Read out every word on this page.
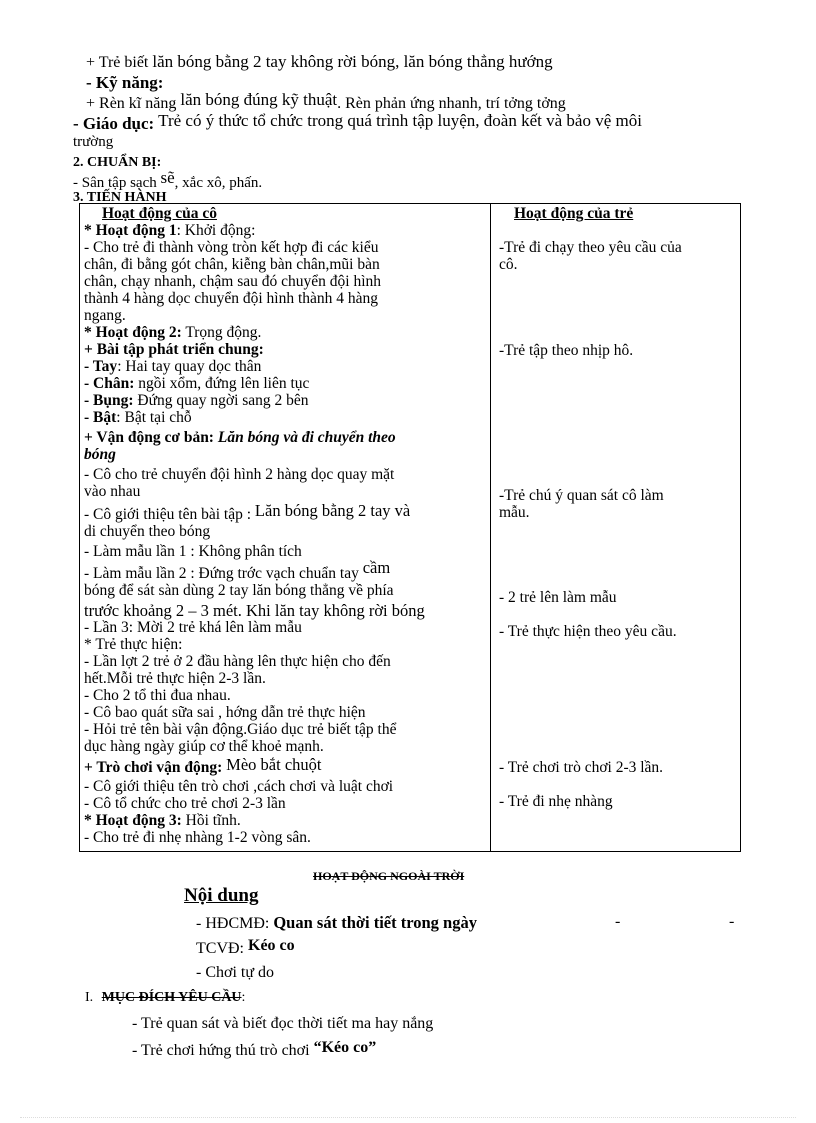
+ Trẻ biết lăn bóng bằng 2 tay không rời bóng, lăn bóng thẳng hướng
- Kỹ năng:
+ Rèn kĩ năng lăn bóng đúng kỹ thuật. Rèn phản ứng nhanh, trí tởng tởng
- Giáo dục: Trẻ có ý thức tổ chức trong quá trình tập luyện, đoàn kết và bảo vệ môi
trường
2. CHUẨN BỊ:
- Sân tập sạch sẽ, xắc xô, phấn.
3. TIẾN HÀNH
Hoạt động của cô
* Hoạt động 1: Khởi động:
- Cho trẻ đi thành vòng tròn kết hợp đi các kiểu
chân, đi bằng gót chân, kiễng bàn chân,mũi bàn
chân, chạy nhanh, chậm sau đó chuyển đội hình
thành 4 hàng dọc chuyển đội hình thành 4 hàng
ngang.
* Hoạt động 2: Trọng động.
+ Bài tập phát triển chung:
- Tay: Hai tay quay dọc thân
- Chân: ngồi xổm, đứng lên liên tục
- Bụng: Đứng quay ngời sang 2 bên
- Bật: Bật tại chỗ
+ Vận động cơ bản: Lăn bóng và đi chuyển theo
bóng
- Cô cho trẻ chuyển đội hình 2 hàng dọc quay mặt
vào nhau
- Cô giới thiệu tên bài tập : Lăn bóng bằng 2 tay và
di chuyển theo bóng
- Làm mẫu lần 1 : Không phân tích
- Làm mẫu lần 2 : Đứng trớc vạch chuẩn tay cầm
bóng để sát sàn dùng 2 tay lăn bóng thẳng về phía
trước khoảng 2 – 3 mét. Khi lăn tay không rời bóng
- Lần 3: Mời 2 trẻ khá lên làm mẫu
* Trẻ thực hiện:
- Lần lợt 2 trẻ ở 2 đầu hàng lên thực hiện cho đến
hết.Mỗi trẻ thực hiện 2-3 lần.
- Cho 2 tổ thi đua nhau.
- Cô bao quát sữa sai , hớng dẫn trẻ thực hiện
- Hỏi trẻ tên bài vận động.Giáo dục trẻ biết tập thể
dục hàng ngày giúp cơ thể khoẻ mạnh.
+ Trò chơi vận động: Mèo bắt chuột
- Cô giới thiệu tên trò chơi ,cách chơi và luật chơi
- Cô tổ chức cho trẻ chơi 2-3 lần
* Hoạt động 3: Hồi tĩnh.
- Cho trẻ đi nhẹ nhàng 1-2 vòng sân.

Hoạt động của trẻ
-Trẻ đi chạy theo yêu cầu của
cô.
-Trẻ tập theo nhịp hô.
-Trẻ chú ý quan sát cô làm
mẫu.
- 2 trẻ lên làm mẫu
- Trẻ thực hiện theo yêu cầu.
- Trẻ chơi trò chơi 2-3 lần.
- Trẻ đi nhẹ nhàng
HOẠT ĐỘNG NGOÀI TRỜI
Nội dung
- HĐCMĐ: Quan sát thời tiết trong ngày	-	-
TCVĐ: Kéo co
- Chơi tự do
I. MỤC ĐÍCH YÊU CẦU:
- Trẻ quan sát và biết đọc thời tiết ma hay nắng
- Trẻ chơi hứng thú trò chơi “Kéo co”
